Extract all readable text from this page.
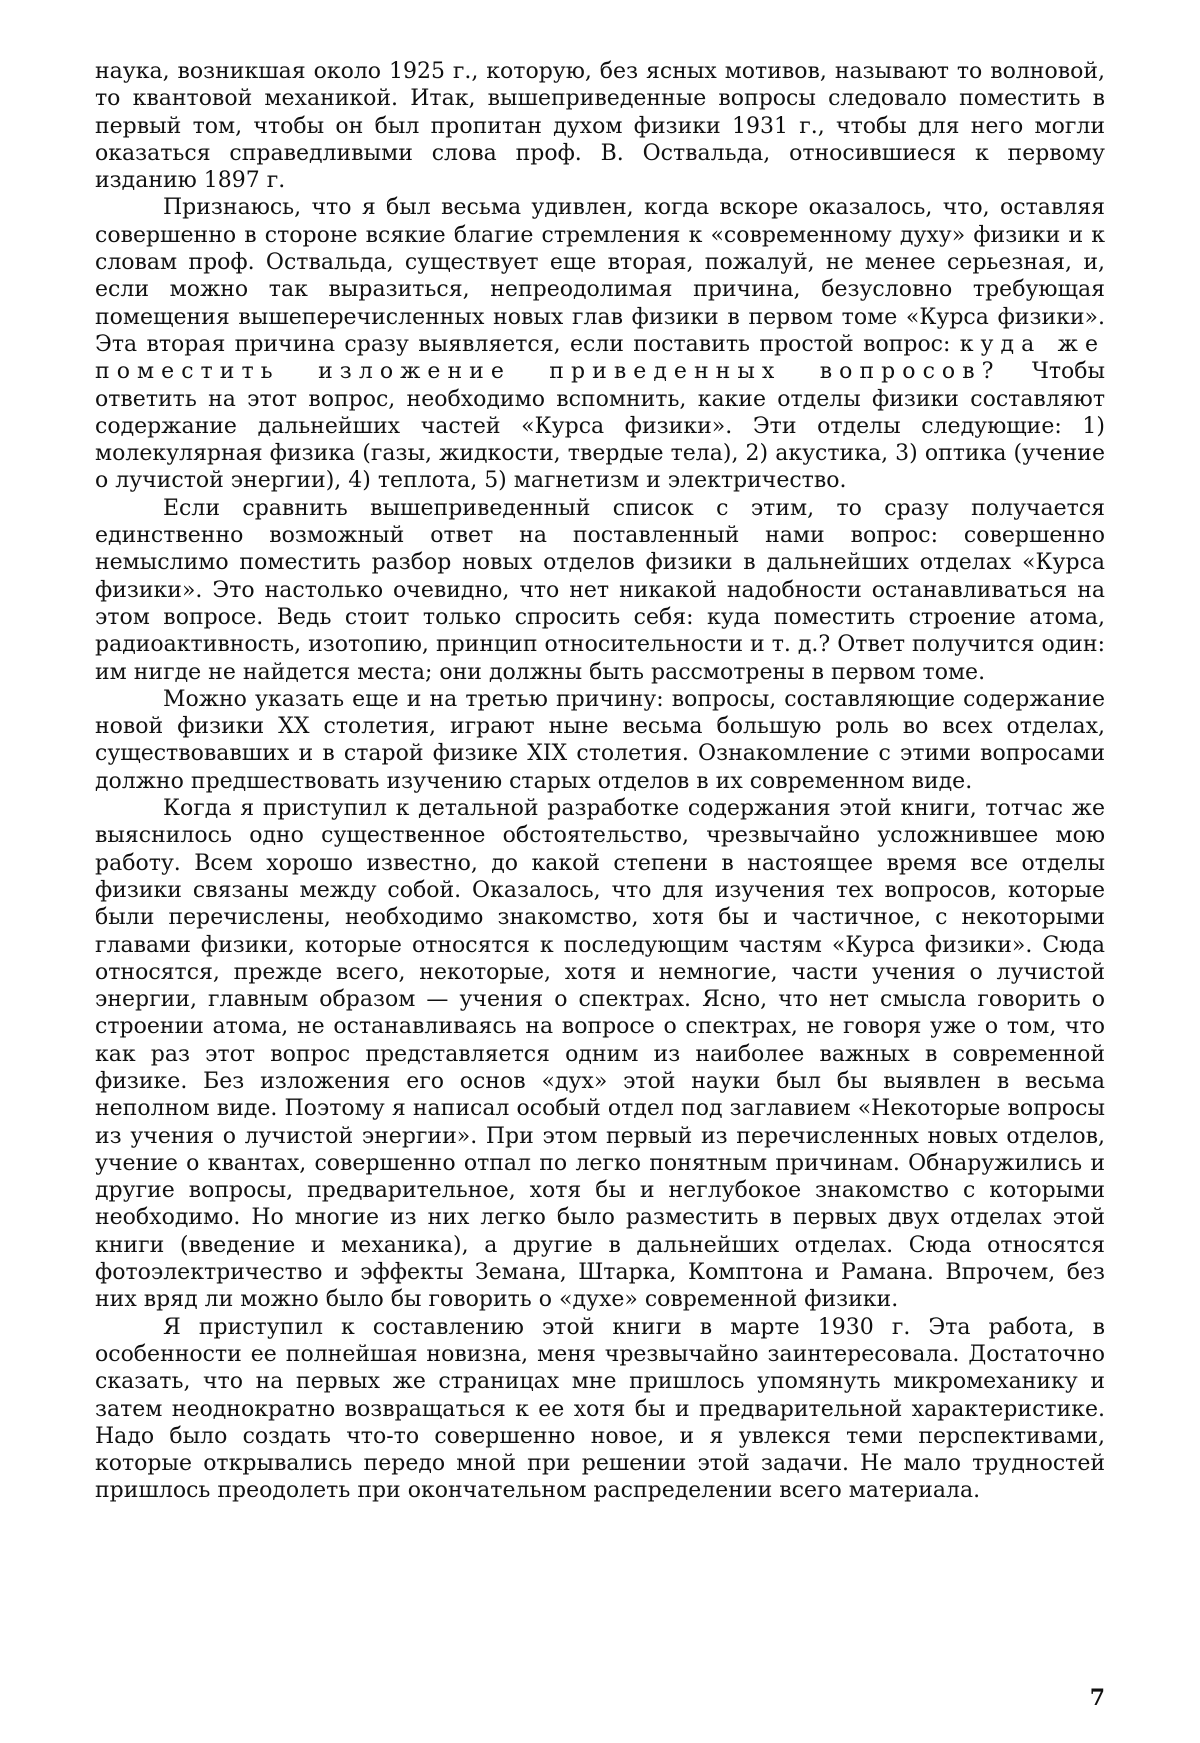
наука, возникшая около 1925 г., которую, без ясных мотивов, называют то волновой, то квантовой механикой. Итак, вышеприведенные вопросы следовало поместить в первый том, чтобы он был пропитан духом физики 1931 г., чтобы для него могли оказаться справедливыми слова проф. В. Оствальда, относившиеся к первому изданию 1897 г.

Признаюсь, что я был весьма удивлен, когда вскоре оказалось, что, оставляя совершенно в стороне всякие благие стремления к «современному духу» физики и к словам проф. Оствальда, существует еще вторая, пожалуй, не менее серьезная, и, если можно так выразиться, непреодолимая причина, безусловно требующая помещения вышеперечисленных новых глав физики в первом томе «Курса физики». Эта вторая причина сразу выявляется, если поставить простой вопрос: куда же поместить изложение приведенных вопросов? Чтобы ответить на этот вопрос, необходимо вспомнить, какие отделы физики составляют содержание дальнейших частей «Курса физики». Эти отделы следующие: 1) молекулярная физика (газы, жидкости, твердые тела), 2) акустика, 3) оптика (учение о лучистой энергии), 4) теплота, 5) магнетизм и электричество.

Если сравнить вышеприведенный список с этим, то сразу получается единственно возможный ответ на поставленный нами вопрос: совершенно немыслимо поместить разбор новых отделов физики в дальнейших отделах «Курса физики». Это настолько очевидно, что нет никакой надобности останавливаться на этом вопросе. Ведь стоит только спросить себя: куда поместить строение атома, радиоактивность, изотопию, принцип относительности и т. д.? Ответ получится один: им нигде не найдется места; они должны быть рассмотрены в первом томе.

Можно указать еще и на третью причину: вопросы, составляющие содержание новой физики XX столетия, играют ныне весьма большую роль во всех отделах, существовавших и в старой физике XIX столетия. Ознакомление с этими вопросами должно предшествовать изучению старых отделов в их современном виде.

Когда я приступил к детальной разработке содержания этой книги, тотчас же выяснилось одно существенное обстоятельство, чрезвычайно усложнившее мою работу. Всем хорошо известно, до какой степени в настоящее время все отделы физики связаны между собой. Оказалось, что для изучения тех вопросов, которые были перечислены, необходимо знакомство, хотя бы и частичное, с некоторыми главами физики, которые относятся к последующим частям «Курса физики». Сюда относятся, прежде всего, некоторые, хотя и немногие, части учения о лучистой энергии, главным образом — учения о спектрах. Ясно, что нет смысла говорить о строении атома, не останавливаясь на вопросе о спектрах, не говоря уже о том, что как раз этот вопрос представляется одним из наиболее важных в современной физике. Без изложения его основ «дух» этой науки был бы выявлен в весьма неполном виде. Поэтому я написал особый отдел под заглавием «Некоторые вопросы из учения о лучистой энергии». При этом первый из перечисленных новых отделов, учение о квантах, совершенно отпал по легко понятным причинам. Обнаружились и другие вопросы, предварительное, хотя бы и неглубокое знакомство с которыми необходимо. Но многие из них легко было разместить в первых двух отделах этой книги (введение и механика), а другие в дальнейших отделах. Сюда относятся фотоэлектричество и эффекты Земана, Штарка, Комптона и Рамана. Впрочем, без них вряд ли можно было бы говорить о «духе» современной физики.

Я приступил к составлению этой книги в марте 1930 г. Эта работа, в особенности ее полнейшая новизна, меня чрезвычайно заинтересовала. Достаточно сказать, что на первых же страницах мне пришлось упомянуть микромеханику и затем неоднократно возвращаться к ее хотя бы и предварительной характеристике. Надо было создать что-то совершенно новое, и я увлекся теми перспективами, которые открывались передо мной при решении этой задачи. Не мало трудностей пришлось преодолеть при окончательном распределении всего материала.

7
